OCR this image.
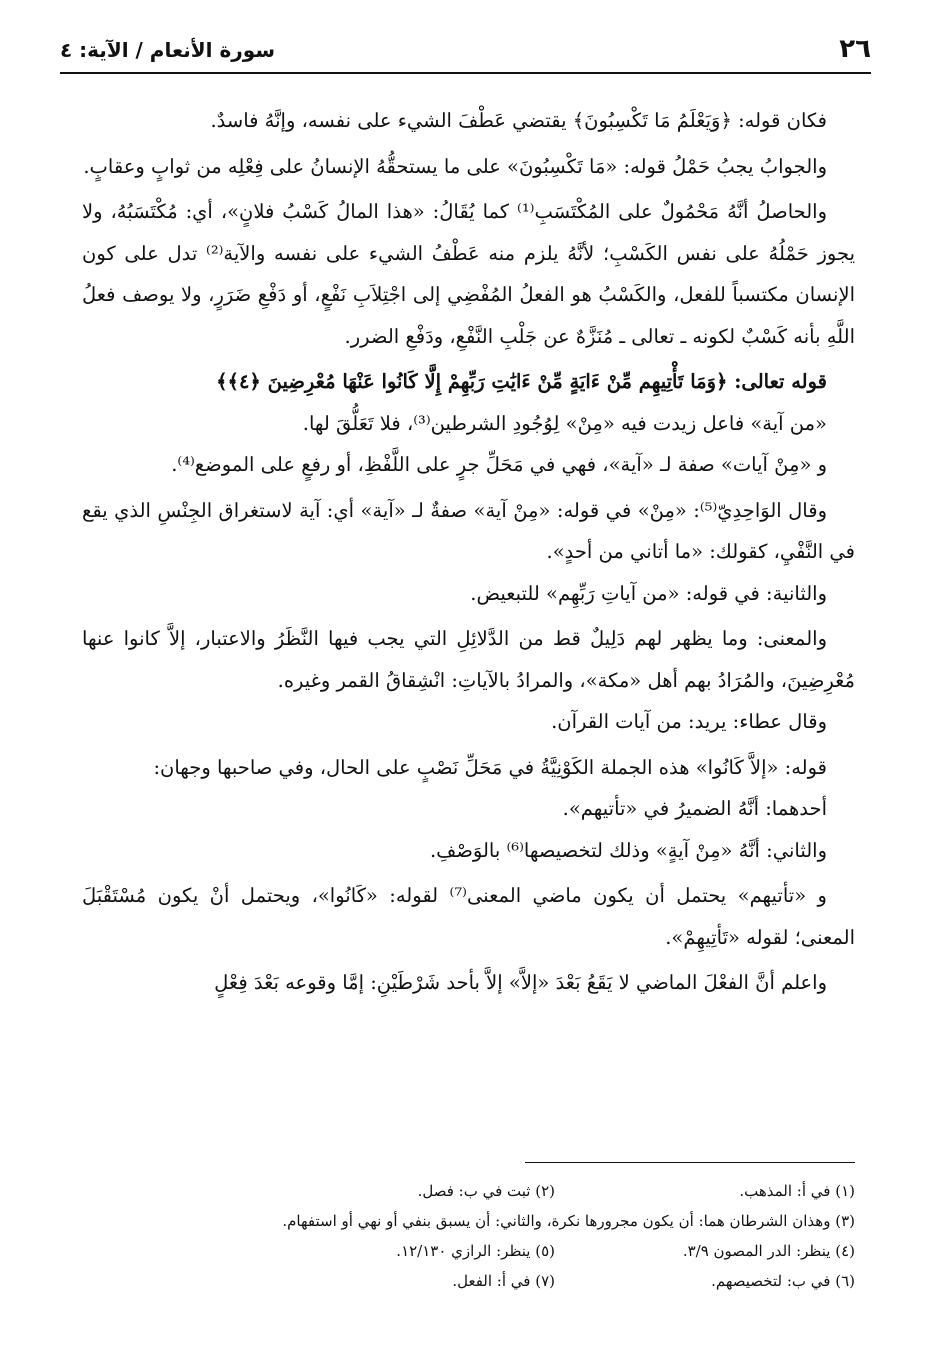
٢٦
سورة الأنعام / الآية: ٤

فكان قوله: ﴿وَيَعْلَمُ مَا تَكْسِبُونَ﴾ يقتضي عَطْفَ الشيء على نفسه، وإنَّهُ فاسدٌ.

والجوابُ يجبُ حَمْلُ قوله: «مَا تَكْسِبُونَ» على ما يستحقُّهُ الإنسانُ على فِعْلِه من ثوابٍ وعقابٍ.

والحاصلُ أنَّهُ مَحْمُولٌ على المُكْتَسَبِ⁽¹⁾ كما يُقَالُ: «هذا المالُ كَسْبُ فلانٍ»، أي: مُكْتَسَبُهُ، ولا يجوز حَمْلُهُ على نفس الكَسْبِ؛ لأنَّهُ يلزم منه عَطْفُ الشيء على نفسه والآية⁽²⁾ تدل على كون الإنسان مكتسباً للفعل، والكَسْبُ هو الفعلُ المُفْضِي إلى اجْتِلاَبِ نَفْعٍ، أو دَفْعِ ضَرَرٍ، ولا يوصف فعلُ اللَّهِ بأنه كَسْبٌ لكونه ـ تعالى ـ مُنَزَّهٌ عن جَلْبِ النَّفْعِ، ودَفْعِ الضرر.

قوله تعالى: ﴿وَمَا تَأْتِيهِم مِّنْ ءَايَةٍ مِّنْ ءَايَٰتِ رَبِّهِمْ إِلَّا كَانُوا عَنْهَا مُعْرِضِينَ ﴿٤﴾﴾

«من آية» فاعل زيدت فيه «مِنْ» لِوُجُودِ الشرطين⁽³⁾، فلا تَعَلُّقَ لها.

و «مِنْ آيات» صفة لـ «آية»، فهي في مَحَلِّ جرٍ على اللَّفْظِ، أو رفعٍ على الموضع⁽⁴⁾.

وقال الوَاحِدِيّ⁽⁵⁾: «مِنْ» في قوله: «مِنْ آية» صفةٌ لـ «آية» أي: آية لاستغراق الجِنْسِ الذي يقع في النَّفْيِ، كقولك: «ما أتاني من أحدٍ».

والثانية: في قوله: «من آياتِ رَبِّهِم» للتبعيض.

والمعنى: وما يظهر لهم دَلِيلٌ قط من الدَّلائِلِ التي يجب فيها النَّظَرُ والاعتبار، إلاَّ كانوا عنها مُعْرِضِينَ، والمُرَادُ بهم أهل «مكة»، والمرادُ بالآياتِ: انْشِقاقُ القمر وغيره.

وقال عطاء: يريد: من آيات القرآن.

قوله: «إلاَّ كَانُوا» هذه الجملة الكَوْنِيَّةُ في مَحَلِّ نَصْبٍ على الحال، وفي صاحبها وجهان:

أحدهما: أنَّهُ الضميرُ في «تأتيهم».

والثاني: أنَّهُ «مِنْ آيةٍ» وذلك لتخصيصها⁽⁶⁾ بالوَصْفِ.

و «تأتيهم» يحتمل أن يكون ماضي المعنى⁽⁷⁾ لقوله: «كَانُوا»، ويحتمل أنْ يكون مُسْتَقْبَلَ المعنى؛ لقوله «تَأتِيهِمْ».

واعلم أنَّ الفعْلَ الماضي لا يَقَعُ بَعْدَ «إلاَّ» إلاَّ بأحد شَرْطَيْنِ: إمَّا وقوعه بَعْدَ فِعْلٍ

(١) في أ: المذهب.
(٢) ثبت في ب: فصل.
(٣) وهذان الشرطان هما: أن يكون مجرورها نكرة، والثاني: أن يسبق بنفي أو نهي أو استفهام.
(٤) ينظر: الدر المصون ٣/٩.
(٥) ينظر: الرازي ١٢/١٣٠.
(٦) في ب: لتخصيصهم.
(٧) في أ: الفعل.
